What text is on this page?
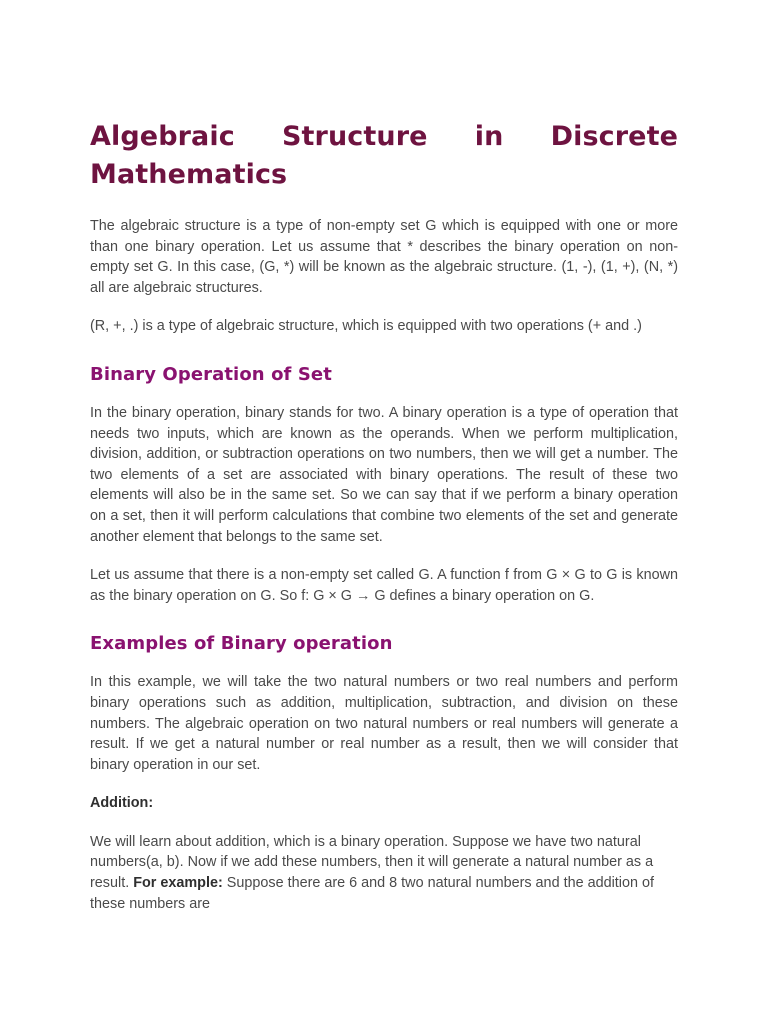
Algebraic Structure in Discrete Mathematics

The algebraic structure is a type of non-empty set G which is equipped with one or more than one binary operation. Let us assume that * describes the binary operation on non-empty set G. In this case, (G, *) will be known as the algebraic structure. (1, -), (1, +), (N, *) all are algebraic structures.

(R, +, .) is a type of algebraic structure, which is equipped with two operations (+ and .)

Binary Operation of Set

In the binary operation, binary stands for two. A binary operation is a type of operation that needs two inputs, which are known as the operands. When we perform multiplication, division, addition, or subtraction operations on two numbers, then we will get a number. The two elements of a set are associated with binary operations. The result of these two elements will also be in the same set. So we can say that if we perform a binary operation on a set, then it will perform calculations that combine two elements of the set and generate another element that belongs to the same set.

Let us assume that there is a non-empty set called G. A function f from G × G to G is known as the binary operation on G. So f: G × G → G defines a binary operation on G.

Examples of Binary operation

In this example, we will take the two natural numbers or two real numbers and perform binary operations such as addition, multiplication, subtraction, and division on these numbers. The algebraic operation on two natural numbers or real numbers will generate a result. If we get a natural number or real number as a result, then we will consider that binary operation in our set.

Addition:

We will learn about addition, which is a binary operation. Suppose we have two natural numbers(a, b). Now if we add these numbers, then it will generate a natural number as a result. For example: Suppose there are 6 and 8 two natural numbers and the addition of these numbers are
